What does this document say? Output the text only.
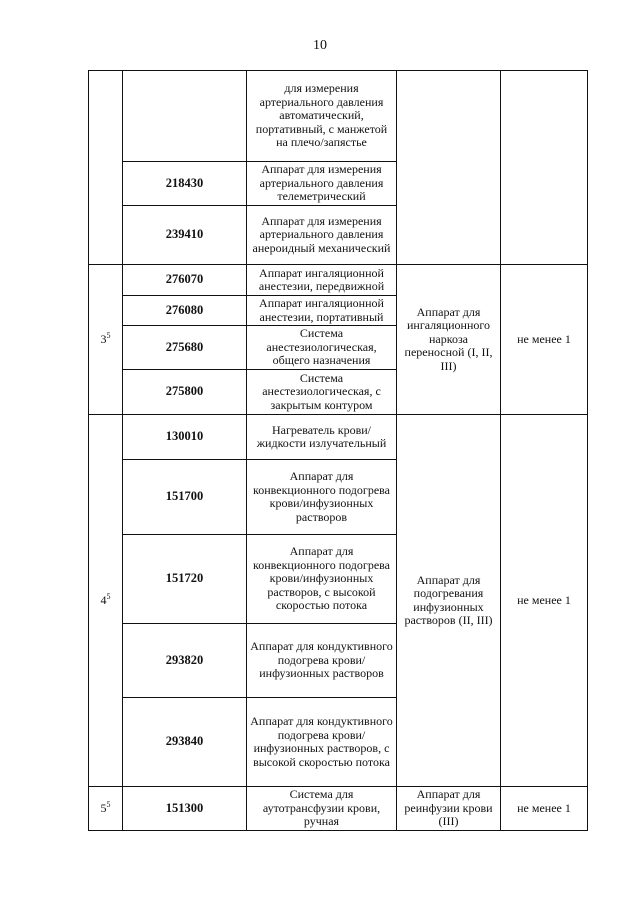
10
		для измерения артериального давления автоматический, портативный, с манжетой на плечо/запястье		
	218430	Аппарат для измерения артериального давления телеметрический		
	239410	Аппарат для измерения артериального давления анероидный механический		
$3^5$	276070	Аппарат ингаляционной анестезии, передвижной	Аппарат для ингаляционного наркоза переносной (I, II, III)	не менее 1
	276080	Аппарат ингаляционной анестезии, портативный		
	275680	Система анестезиологическая, общего назначения		
	275800	Система анестезиологическая, с закрытым контуром		
$4^5$	130010	Нагреватель крови/жидкости излучательный	Аппарат для подогревания инфузионных растворов (II, III)	не менее 1
	151700	Аппарат для конвекционного подогрева крови/инфузионных растворов		
	151720	Аппарат для конвекционного подогрева крови/инфузионных растворов, с высокой скоростью потока		
	293820	Аппарат для кондуктивного подогрева крови/инфузионных растворов		
	293840	Аппарат для кондуктивного подогрева крови/инфузионных растворов, с высокой скоростью потока		
$5^5$	151300	Система для аутотрансфузии крови, ручная	Аппарат для реинфузии крови (III)	не менее 1
